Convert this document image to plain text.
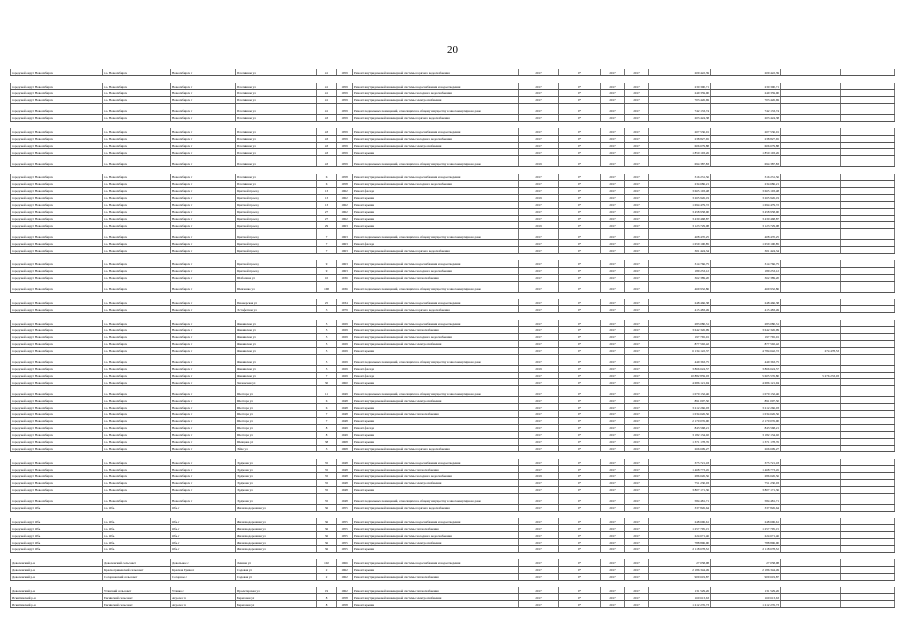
20
городской округ Новосибирск	г.о. Новосибирск	Новосибирск г	Плотинная ул	41	1959	Ремонт внутридомовой инженерной системы горячего водоснабжения	2017	0*	2017	2017	209 422,39	209 422,39		

городской округ Новосибирск	г.о. Новосибирск	Новосибирск г	Плотинная ул	41	1959	Ремонт внутридомовой инженерной системы водоснабжения и водоотведения	2017	0*	2017	2017	230 390,71	230 390,71		
городской округ Новосибирск	г.о. Новосибирск	Новосибирск г	Плотинная ул	41	1959	Ремонт внутридомовой инженерной системы холодного водоснабжения	2017	0*	2017	2017	249 359,90	249 359,90		
городской округ Новосибирск	г.о. Новосибирск	Новосибирск г	Плотинная ул	41	1959	Ремонт внутридомовой инженерной системы электроснабжения	2017	0*	2017	2017	703 426,69	703 426,69		
городской округ Новосибирск	г.о. Новосибирск	Новосибирск г	Плотинная ул	41	1959	Ремонт подвальных помещений, относящихся к общему имуществу в многоквартирном доме	2017	0*	2017	2017	742 133,74	742 133,74		
городской округ Новосибирск	г.о. Новосибирск	Новосибирск г	Плотинная ул	43	1959	Ремонт внутридомовой инженерной системы горячего водоснабжения	2017	0*	2017	2017	203 424,38	203 424,38		

городской округ Новосибирск	г.о. Новосибирск	Новосибирск г	Плотинная ул	43	1959	Ремонт внутридомовой инженерной системы водоснабжения и водоотведения	2017	0*	2017	2017	207 536,01	207 536,01		
городской округ Новосибирск	г.о. Новосибирск	Новосибирск г	Плотинная ул	43	1959	Ремонт внутридомовой инженерной системы холодного водоснабжения	2017	0*	2017	2017	238 827,65	238 827,65		
городской округ Новосибирск	г.о. Новосибирск	Новосибирск г	Плотинная ул	43	1959	Ремонт внутридомовой инженерной системы электроснабжения	2017	0*	2017	2017	606 679,88	606 679,88		
городской округ Новосибирск	г.о. Новосибирск	Новосибирск г	Плотинная ул	43	1959	Ремонт крыши	2017	0*	2017	2017	1 850 193,26	1 850 193,26		
городской округ Новосибирск	г.о. Новосибирск	Новосибирск г	Плотинная ул	43	1959	Ремонт подвальных помещений, относящихся к общему имуществу в многоквартирном доме	2019	0*	2017	2017	694 387,83	694 387,83		

городской округ Новосибирск	г.о. Новосибирск	Новосибирск г	Плотинная ул	6	1958	Ремонт внутридомовой инженерной системы водоснабжения и водоотведения	2017	0*	2017	2017	316 231,56	316 231,56		
городской округ Новосибирск	г.о. Новосибирск	Новосибирск г	Плотинная ул	6	1958	Ремонт внутридомовой инженерной системы холодного водоснабжения	2017	0*	2017	2017	234 686,21	234 686,21		
городской округ Новосибирск	г.о. Новосибирск	Новосибирск г	Цветной проезд	13	1962	Ремонт фасада	2017	0*	2017	2017	3 665 193,48	3 665 193,48		
городской округ Новосибирск	г.о. Новосибирск	Новосибирск г	Цветной проезд	13	1962	Ремонт крыши	2019	0*	2017	2017	3 265 926,19	3 265 926,19		
городской округ Новосибирск	г.о. Новосибирск	Новосибирск г	Цветной проезд	13	1962	Ремонт крыши	2017	0*	2017	2017	1 694 479,72	1 694 479,72		
городской округ Новосибирск	г.о. Новосибирск	Новосибирск г	Цветной проезд	27	1962	Ремонт крыши	2017	0*	2017	2017	3 458 958,90	3 458 958,90		
городской округ Новосибирск	г.о. Новосибирск	Новосибирск г	Цветной проезд	27	1962	Ремонт крыши	2017	0*	2017	2017	3 430 468,87	3 430 468,87		
городской округ Новосибирск	г.о. Новосибирск	Новосибирск г	Цветной проезд	29	1963	Ремонт крыши	2019	0*	2017	2017	3 123 729,08	3 123 729,08		
городской округ Новосибирск	г.о. Новосибирск	Новосибирск г	Цветной проезд	7	1963	Ремонт подвальных помещений, относящихся к общему имуществу в многоквартирном доме	2017	0*	2017	2017	408 470,25	408 470,25		
городской округ Новосибирск	г.о. Новосибирск	Новосибирск г	Цветной проезд	7	1963	Ремонт фасада	2017	0*	2017	2017	1 659 100,85	1 659 100,85		
городской округ Новосибирск	г.о. Новосибирск	Новосибирск г	Цветной проезд	7	1963	Ремонт внутридомовой инженерной системы горячего водоснабжения	2017	0*	2017	2017	301 424,34	301 424,34		

городской округ Новосибирск	г.о. Новосибирск	Новосибирск г	Цветной проезд	9	1963	Ремонт внутридомовой инженерной системы водоснабжения и водоотведения	2017	0*	2017	2017	314 766,75	314 766,75		
городской округ Новосибирск	г.о. Новосибирск	Новосибирск г	Цветной проезд	9	1963	Ремонт внутридомовой инженерной системы холодного водоснабжения	2017	0*	2017	2017	189 253,12	189 253,12		
городской округ Новосибирск	г.о. Новосибирск	Новосибирск г	Шабалина ул	10	1936	Ремонт внутридомовой инженерной системы теплоснабжения	2017	0*	2017	2017	362 389,20	362 389,20		
городской округ Новосибирск	г.о. Новосибирск	Новосибирск г	Шевченко ул	168	1936	Ремонт подвальных помещений, относящихся к общему имуществу в многоквартирном доме	2017	0*	2017	2017	469 932,86	469 932,86		

городской округ Новосибирск	г.о. Новосибирск	Новосибирск г	Пионерская ул	25	1934	Ремонт внутридомовой инженерной системы водоснабжения и водоотведения	2017	0*	2017	2017	248 466,38	248 466,38		
городской округ Новосибирск	г.о. Новосибирск	Новосибирск г	Эстафетная ул	3	1979	Ремонт внутридомовой инженерной системы горячего водоснабжения	2017	0*	2017	2017	415 483,49	415 483,49		

городской округ Новосибирск	г.о. Новосибирск	Новосибирск г	Ямкинская ул	5	1929	Ремонт внутридомовой инженерной системы водоснабжения и водоотведения	2017	0*	2017	2017	283 080,31	283 080,31		
городской округ Новосибирск	г.о. Новосибирск	Новосибирск г	Ямкинская ул	5	1929	Ремонт внутридомовой инженерной системы теплоснабжения	2017	0*	2017	2017	3 642 326,99	3 642 326,99		
городской округ Новосибирск	г.о. Новосибирск	Новосибирск г	Ямкинская ул	5	1929	Ремонт внутридомовой инженерной системы холодного водоснабжения	2017	0*	2017	2017	197 765,01	197 765,01		
городской округ Новосибирск	г.о. Новосибирск	Новосибирск г	Ямкинская ул	5	1929	Ремонт внутридомовой инженерной системы электроснабжения	2017	0*	2017	2017	877 592,42	877 592,42		
городской округ Новосибирск	г.о. Новосибирск	Новосибирск г	Ямкинская ул	5	1929	Ремонт крыши	2017	0*	2017	2017	6 134 122,37	4 784 642,72	274 478,53	
городской округ Новосибирск	г.о. Новосибирск	Новосибирск г	Ямкинская ул	5	1929	Ремонт подвальных помещений, относящихся к общему имуществу в многоквартирном доме	2017	0*	2017	2017	449 363,75	449 363,75		
городской округ Новосибирск	г.о. Новосибирск	Новосибирск г	Ямкинская ул	5	1929	Ремонт фасада	2019	0*	2017	2017	3 866 624,57	3 866 624,57		
городской округ Новосибирск	г.о. Новосибирск	Новосибирск г	Ямкинская ул	7	1929	Ремонт фасада	2017	0*	2017	2017	10 882 859,03	5 605 576,80	5 276 233,03	
городской округ Новосибирск	г.о. Новосибирск	Новосибирск г	Хилокская ул	30	1960	Ремонт крыши	2017	0*	2017	2017	4 686 121,94	4 686 121,94		
городской округ Новосибирск	г.о. Новосибирск	Новосибирск г	Шестера ул	11	1949	Ремонт подвальных помещений, относящихся к общему имуществу в многоквартирном доме	2017	0*	2017	2017	1 070 132,46	1 070 132,46		
городской округ Новосибирск	г.о. Новосибирск	Новосибирск г	Шестера ул	6	1948	Ремонт внутридомовой инженерной системы электроснабжения	2017	0*	2017	2017	891 007,50	891 007,50		
городской округ Новосибирск	г.о. Новосибирск	Новосибирск г	Шестера ул	6	1948	Ремонт крыши	2017	0*	2017	2017	3 212 266,03	3 212 266,03		
городской округ Новосибирск	г.о. Новосибирск	Новосибирск г	Шестера ул	7	1948	Ремонт внутридомовой инженерной системы теплоснабжения	2017	0*	2017	2017	1 034 626,56	1 034 626,56		
городской округ Новосибирск	г.о. Новосибирск	Новосибирск г	Шестера ул	7	1948	Ремонт крыши	2017	0*	2017	2017	2 170 076,90	2 170 076,90		
городской округ Новосибирск	г.о. Новосибирск	Новосибирск г	Шестера ул	8	1949	Ремонт фасада	2017	0*	2017	2017	843 568,21	843 568,21		
городской округ Новосибирск	г.о. Новосибирск	Новосибирск г	Шестера ул	8	1949	Ремонт крыши	2017	0*	2017	2017	3 182 134,02	3 182 134,02		
городской округ Новосибирск	г.о. Новосибирск	Новосибирск г	Шевцова ул	38	1968	Ремонт крыши	2017	0*	2017	2017	1 371 178,76	1 371 178,76		
городской округ Новосибирск	г.о. Новосибирск	Новосибирск г	Эйхе ул	3	1968	Ремонт внутридомовой инженерной системы горячего водоснабжения	2017	0*	2017	2017	266 609,27	266 609,27		

городской округ Новосибирск	г.о. Новосибирск	Новосибирск г	Эрдмана ул	35	1948	Ремонт внутридомовой инженерной системы водоснабжения и водоотведения	2017	0*	2017	2017	375 721,18	375 721,18		
городской округ Новосибирск	г.о. Новосибирск	Новосибирск г	Эрдмана ул	35	1948	Ремонт внутридомовой инженерной системы теплоснабжения	2017	0*	2017	2017	1 468 773,45	1 468 773,45		
городской округ Новосибирск	г.о. Новосибирск	Новосибирск г	Эрдмана ул	35	1948	Ремонт внутридомовой инженерной системы холодного водоснабжения	2019	0*	2017	2017	286 626,56	286 626,56		
городской округ Новосибирск	г.о. Новосибирск	Новосибирск г	Эрдмана ул	35	1948	Ремонт внутридомовой инженерной системы электроснабжения	2017	0*	2017	2017	751 230,03	751 230,03		
городской округ Новосибирск	г.о. Новосибирск	Новосибирск г	Эрдмана ул	35	1948	Ремонт крыши	2017	0*	2017	2017	3 807 171,36	3 807 171,36		
городской округ Новосибирск	г.о. Новосибирск	Новосибирск г	Эрдмана ул	35	1948	Ремонт подвальных помещений, относящихся к общему имуществу в многоквартирном доме	2017	0*	2017	2017	584 481,71	584 481,71		
городской округ Обь	г.о. Обь	Обь г	Железнодорожная ул	36	1955	Ремонт внутридомовой инженерной системы горячего водоснабжения	2017	0*	2017	2017	337 826,64	337 826,64		

городской округ Обь	г.о. Обь	Обь г	Железнодорожная ул	36	1955	Ремонт внутридомовой инженерной системы водоснабжения и водоотведения	2017	0*	2017	2017	248 696,61	248 696,61		
городской округ Обь	г.о. Обь	Обь г	Железнодорожная ул	36	1955	Ремонт внутридомовой инженерной системы теплоснабжения	2017	0*	2017	2017	1 257 795,15	1 257 795,15		
городской округ Обь	г.о. Обь	Обь г	Железнодорожная ул	36	1955	Ремонт внутридомовой инженерной системы холодного водоснабжения	2017	0*	2017	2017	224 671,46	224 671,46		
городской округ Обь	г.о. Обь	Обь г	Железнодорожная ул	36	1955	Ремонт внутридомовой инженерной системы электроснабжения	2017	0*	2017	2017	788 896,90	788 896,90		
городской округ Обь	г.о. Обь	Обь г	Железнодорожная ул	36	1955	Ремонт крыши	2017	0*	2017	2017	2 118 678,32	2 118 678,32		

Доволенский р-н	Доволенский сельсовет	Довольное с	Ленина ул	102	1966	Ремонт внутридомовой инженерной системы водоснабжения и водоотведения	2017	0*	2017	2017	27 058,98	27 058,98		
Доволенский р-н	Красногривенский сельсовет	Красная Грива п	Садовая ул	2	1962	Ремонт крыши	2017	0*	2017	2017	2 186 344,49	2 186 344,49		
Доволенский р-н	Согорновский сельсовет	Согорное с	Садовая ул	2	1962	Ремонт внутридомовой инженерной системы теплоснабжения	2017	0*	2017	2017	909 619,87	909 619,87		

Доволенский р-н	Утянский сельсовет	Утянка с	Пролетарская ул	19	1962	Ремонт внутридомовой инженерной системы теплоснабжения	2017	0*	2017	2017	131 529,26	131 529,26		
Искитимский р-н	Евсинский сельсовет	Агролес п	Береговая ул	8	1958	Ремонт внутридомовой инженерной системы электроснабжения	2017	0*	2017	2017	160 613,63	160 613,63		
Искитимский р-н	Евсинский сельсовет	Агролес п	Береговая ул	8	1958	Ремонт крыши	2017	0*	2017	2017	1 212 276,73	1 212 276,73		
